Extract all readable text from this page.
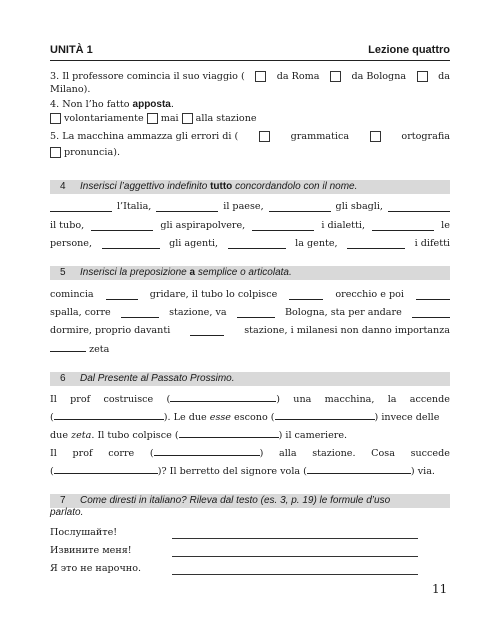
UNITÀ 1	Lezione quattro
3. Il professore comincia il suo viaggio (	da Roma	da Bologna	da
Milano).
4. Non l’ho fatto apposta.
volontariamente mai alla stazione
5. La macchina ammazza gli errori di (	grammatica	ortografia
pronuncia).
4 Inserisci l’aggettivo indefinito tutto concordandolo con il nome.
l’Italia,	il paese,	gli sbagli,
il tubo,	gli aspirapolvere,	i dialetti,	le
persone,	gli agenti,	la gente,	i difetti
5 Inserisci la preposizione a semplice o articolata.
comincia	gridare, il tubo lo colpisce	orecchio e poi
spalla, corre	stazione, va	Bologna, sta per andare
dormire, proprio davanti	stazione, i milanesi non danno importanza
zeta
6 Dal Presente al Passato Prossimo.
Il prof costruisce (	) una macchina, la accende
(	). Le due esse escono (	) invece delle
due zeta. Il tubo colpisce (	) il cameriere.
Il prof corre (	) alla stazione. Cosa succede
(	)? Il berretto del signore vola (	) via.
7 Come diresti in italiano? Rileva dal testo (es. 3, p. 19) le formule d’uso
parlato.
Послушайте!
Извините меня!
Я это не нарочно.
11
